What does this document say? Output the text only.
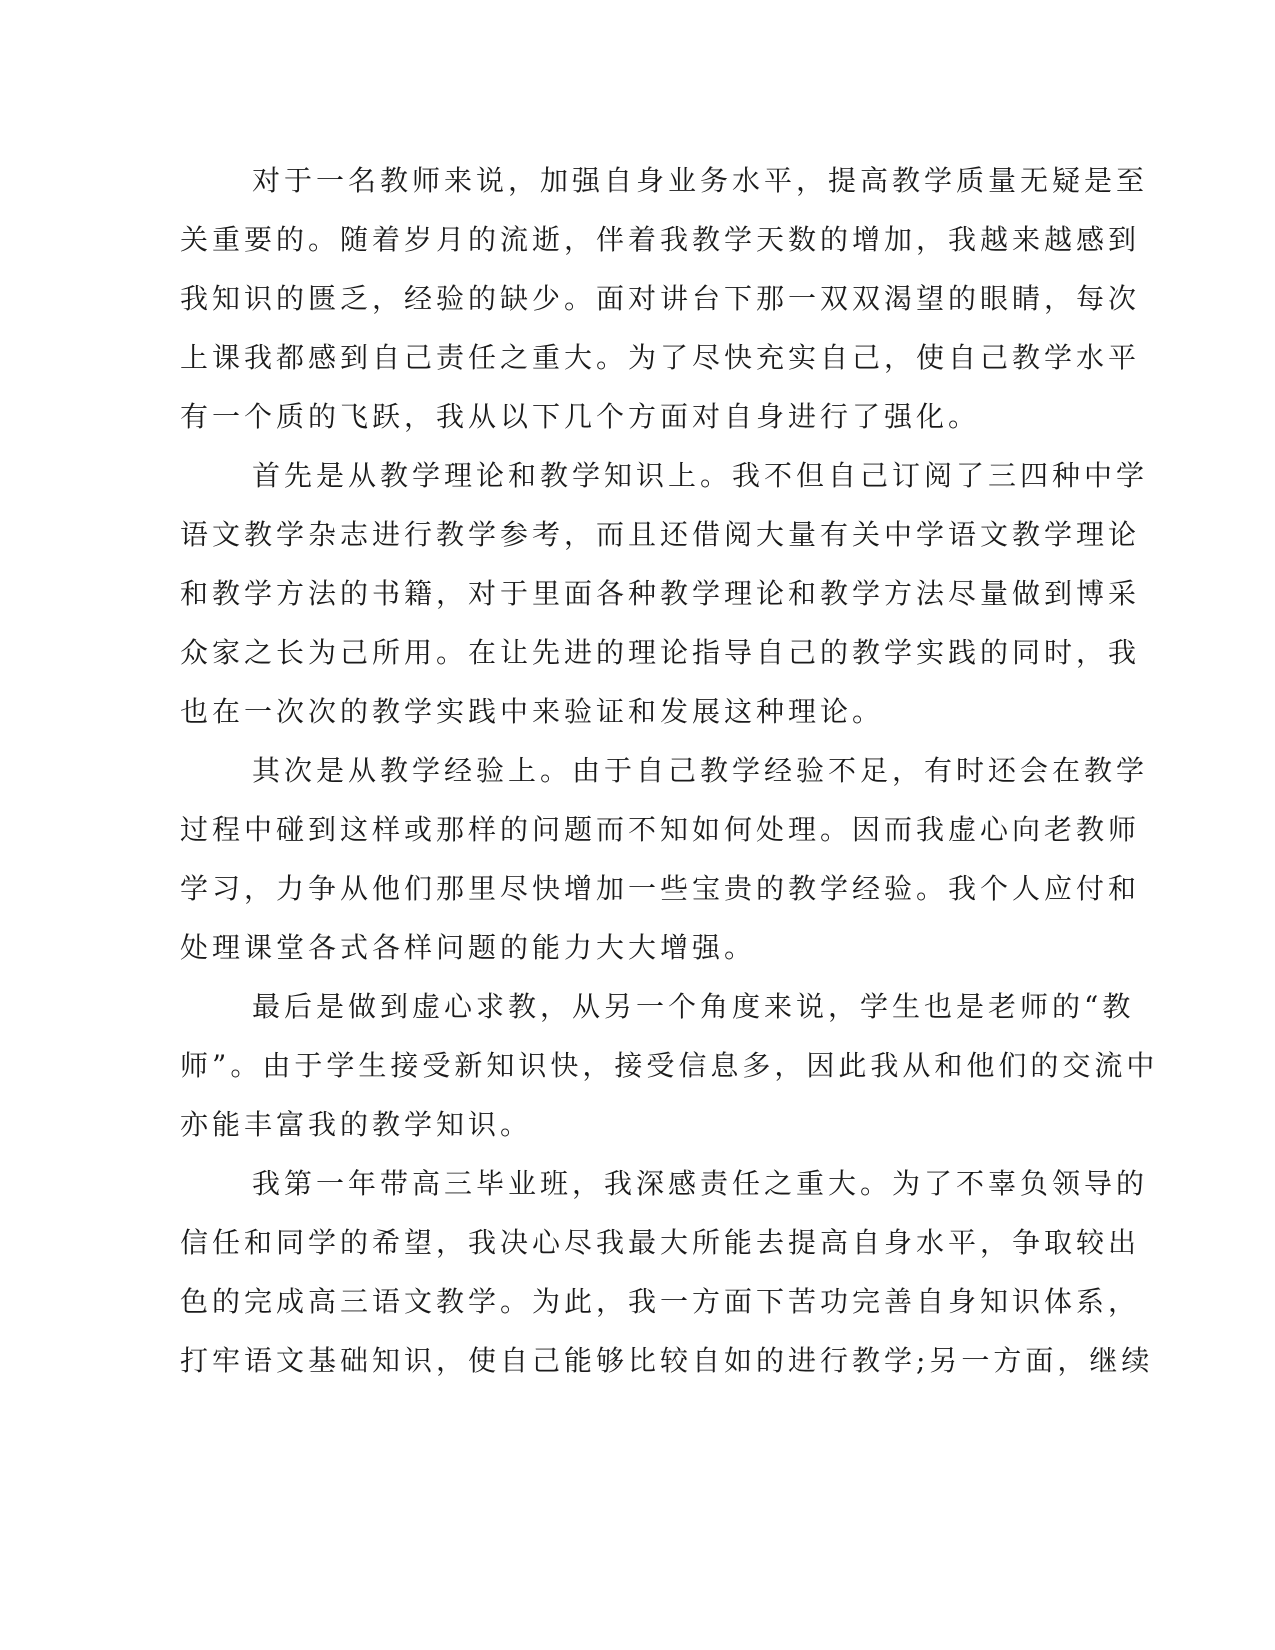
对于一名教师来说，加强自身业务水平，提高教学质量无疑是至
关重要的。随着岁月的流逝，伴着我教学天数的增加，我越来越感到
我知识的匮乏，经验的缺少。面对讲台下那一双双渴望的眼睛，每次
上课我都感到自己责任之重大。为了尽快充实自己，使自己教学水平
有一个质的飞跃，我从以下几个方面对自身进行了强化。
首先是从教学理论和教学知识上。我不但自己订阅了三四种中学
语文教学杂志进行教学参考，而且还借阅大量有关中学语文教学理论
和教学方法的书籍，对于里面各种教学理论和教学方法尽量做到博采
众家之长为己所用。在让先进的理论指导自己的教学实践的同时，我
也在一次次的教学实践中来验证和发展这种理论。
其次是从教学经验上。由于自己教学经验不足，有时还会在教学
过程中碰到这样或那样的问题而不知如何处理。因而我虚心向老教师
学习，力争从他们那里尽快增加一些宝贵的教学经验。我个人应付和
处理课堂各式各样问题的能力大大增强。
最后是做到虚心求教，从另一个角度来说，学生也是老师的“教
师”。由于学生接受新知识快，接受信息多，因此我从和他们的交流中
亦能丰富我的教学知识。
我第一年带高三毕业班，我深感责任之重大。为了不辜负领导的
信任和同学的希望，我决心尽我最大所能去提高自身水平，争取较出
色的完成高三语文教学。为此，我一方面下苦功完善自身知识体系，
打牢语文基础知识，使自己能够比较自如的进行教学;另一方面，继续
